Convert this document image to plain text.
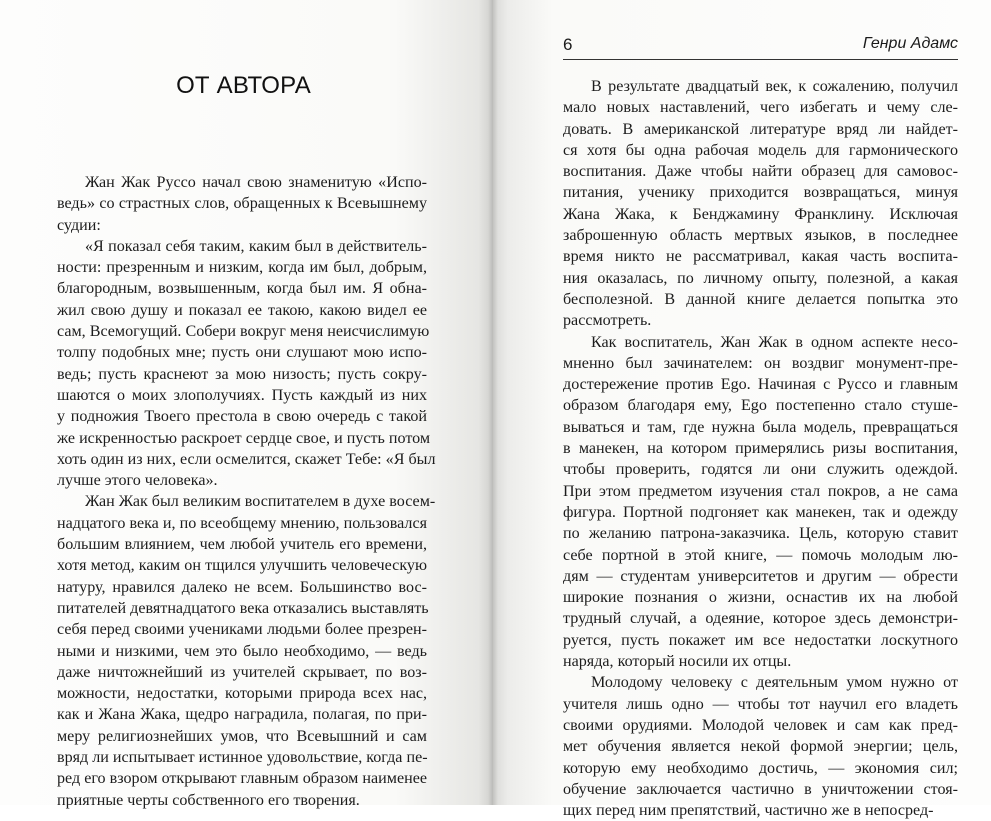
ОТ АВТОРА
Жан Жак Руссо начал свою знаменитую «Испо-
ведь» со страстных слов, обращенных к Всевышнему
судии:
«Я показал себя таким, каким был в действитель-
ности: презренным и низким, когда им был, добрым,
благородным, возвышенным, когда был им. Я обна-
жил свою душу и показал ее такою, какою видел ее
сам, Всемогущий. Собери вокруг меня неисчислимую
толпу подобных мне; пусть они слушают мою испо-
ведь; пусть краснеют за мою низость; пусть сокру-
шаются о моих злополучиях. Пусть каждый из них
у подножия Твоего престола в свою очередь с такой
же искренностью раскроет сердце свое, и пусть потом
хоть один из них, если осмелится, скажет Тебе: «Я был
лучше этого человека».
Жан Жак был великим воспитателем в духе восем-
надцатого века и, по всеобщему мнению, пользовался
большим влиянием, чем любой учитель его времени,
хотя метод, каким он тщился улучшить человеческую
натуру, нравился далеко не всем. Большинство вос-
питателей девятнадцатого века отказались выставлять
себя перед своими учениками людьми более презрен-
ными и низкими, чем это было необходимо, — ведь
даже ничтожнейший из учителей скрывает, по воз-
можности, недостатки, которыми природа всех нас,
как и Жана Жака, щедро наградила, полагая, по при-
меру религиознейших умов, что Всевышний и сам
вряд ли испытывает истинное удовольствие, когда пе-
ред его взором открывают главным образом наименее
приятные черты собственного его творения.
6	Генри Адамс
В результате двадцатый век, к сожалению, получил
мало новых наставлений, чего избегать и чему сле-
довать. В американской литературе вряд ли найдет-
ся хотя бы одна рабочая модель для гармонического
воспитания. Даже чтобы найти образец для самовос-
питания, ученику приходится возвращаться, минуя
Жана Жака, к Бенджамину Франклину. Исключая
заброшенную область мертвых языков, в последнее
время никто не рассматривал, какая часть воспита-
ния оказалась, по личному опыту, полезной, а какая
бесполезной. В данной книге делается попытка это
рассмотреть.
Как воспитатель, Жан Жак в одном аспекте несо-
мненно был зачинателем: он воздвиг монумент-пре-
достережение против Ego. Начиная с Руссо и главным
образом благодаря ему, Ego постепенно стало стуше-
вываться и там, где нужна была модель, превращаться
в манекен, на котором примерялись ризы воспитания,
чтобы проверить, годятся ли они служить одеждой.
При этом предметом изучения стал покров, а не сама
фигура. Портной подгоняет как манекен, так и одежду
по желанию патрона-заказчика. Цель, которую ставит
себе портной в этой книге, — помочь молодым лю-
дям — студентам университетов и другим — обрести
широкие познания о жизни, оснастив их на любой
трудный случай, а одеяние, которое здесь демонстри-
руется, пусть покажет им все недостатки лоскутного
наряда, который носили их отцы.
Молодому человеку с деятельным умом нужно от
учителя лишь одно — чтобы тот научил его владеть
своими орудиями. Молодой человек и сам как пред-
мет обучения является некой формой энергии; цель,
которую ему необходимо достичь, — экономия сил;
обучение заключается частично в уничтожении стоя-
щих перед ним препятствий, частично же в непосред-
